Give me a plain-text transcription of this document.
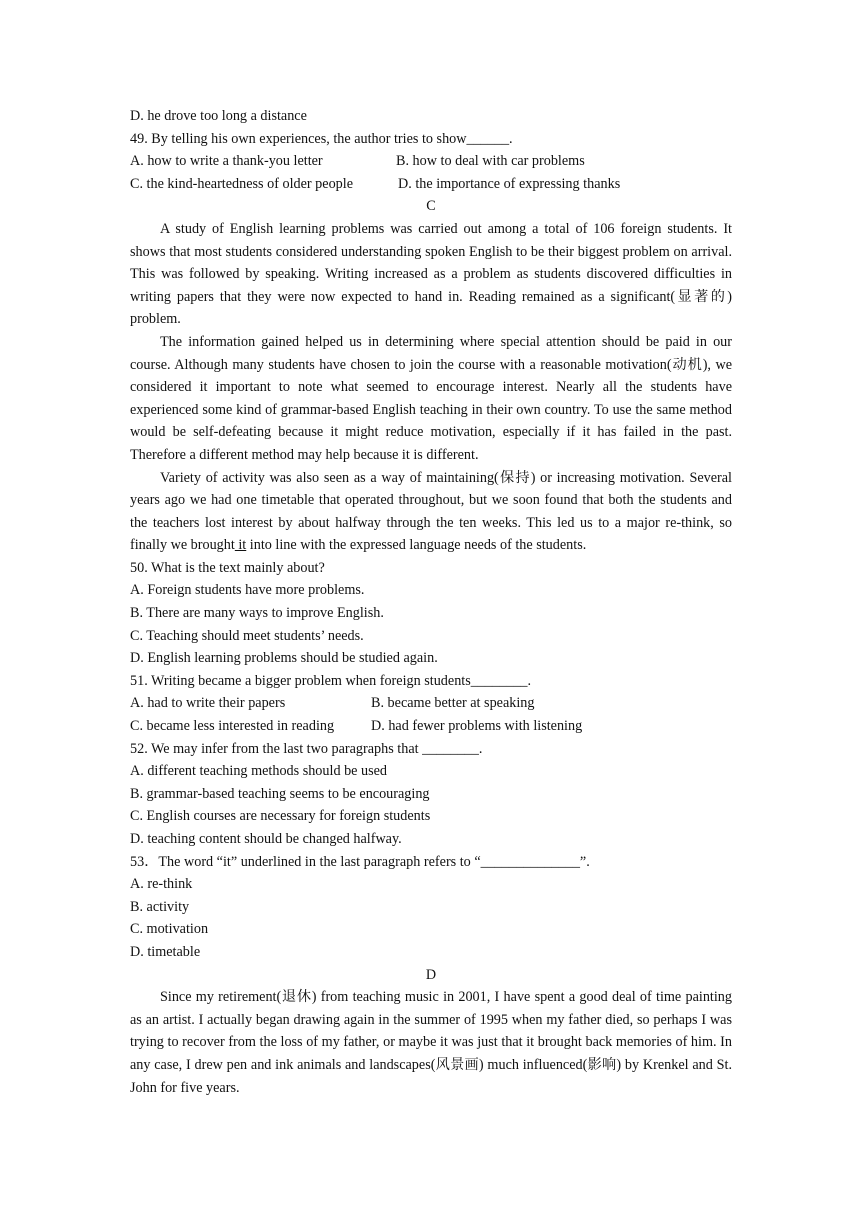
D. he drove too long a distance
49. By telling his own experiences, the author tries to show______.
A. how to write a thank-you letter	B. how to deal with car problems
C. the kind-heartedness of older people	D. the importance of expressing thanks
C
A study of English learning problems was carried out among a total of 106 foreign students. It shows that most students considered understanding spoken English to be their biggest problem on arrival. This was followed by speaking. Writing increased as a problem as students discovered difficulties in writing papers that they were now expected to hand in. Reading remained as a significant(显著的) problem.
The information gained helped us in determining where special attention should be paid in our course. Although many students have chosen to join the course with a reasonable motivation(动机), we considered it important to note what seemed to encourage interest. Nearly all the students have experienced some kind of grammar-based English teaching in their own country. To use the same method would be self-defeating because it might reduce motivation, especially if it has failed in the past. Therefore a different method may help because it is different.
Variety of activity was also seen as a way of maintaining(保持) or increasing motivation. Several years ago we had one timetable that operated throughout, but we soon found that both the students and the teachers lost interest by about halfway through the ten weeks. This led us to a major re-think, so finally we brought it into line with the expressed language needs of the students.
50. What is the text mainly about?
A. Foreign students have more problems.
B. There are many ways to improve English.
C. Teaching should meet students’ needs.
D. English learning problems should be studied again.
51. Writing became a bigger problem when foreign students________.
A. had to write their papers	B. became better at speaking
C. became less interested in reading	D. had fewer problems with listening
52. We may infer from the last two paragraphs that ________.
A. different teaching methods should be used
B. grammar-based teaching seems to be encouraging
C. English courses are necessary for foreign students
D. teaching content should be changed halfway.
53．The word “it” underlined in the last paragraph refers to “______________”.
A. re-think
B. activity
C. motivation
D. timetable
D
Since my retirement(退休) from teaching music in 2001, I have spent a good deal of time painting as an artist. I actually began drawing again in the summer of 1995 when my father died, so perhaps I was trying to recover from the loss of my father, or maybe it was just that it brought back memories of him. In any case, I drew pen and ink animals and landscapes(风景画) much influenced(影响) by Krenkel and St. John for five years.
